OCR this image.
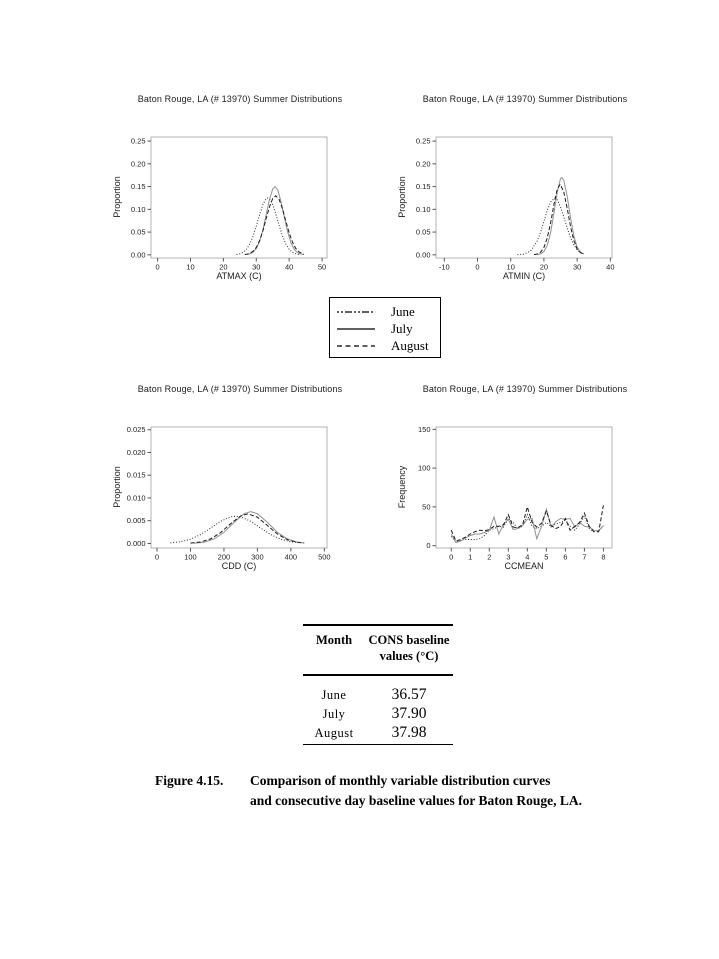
Baton Rouge, LA (# 13970) Summer Distributions
Proportion
0	10	20	30	40	50
0.00
0.05
0.10
0.15
0.20
0.25
ATMAX (C)
Baton Rouge, LA (# 13970) Summer Distributions
Proportion
-10	0	10	20	30	40
0.00
0.05
0.10
0.15
0.20
0.25
ATMIN (C)
June
July
August
Baton Rouge, LA (# 13970) Summer Distributions
Proportion
0	100	200	300	400	500
0.000
0.005
0.010
0.015
0.020
0.025
CDD (C)
Baton Rouge, LA (# 13970) Summer Distributions
Frequency
0 1 2 3 4 5 6 7 8
0
50
100
150
CCMEAN
Month	CONS baseline
values (°C)
June	36.57
July	37.90
August	37.98
Figure 4.15.	Comparison of monthly variable distribution curves
and consecutive day baseline values for Baton Rouge, LA.
